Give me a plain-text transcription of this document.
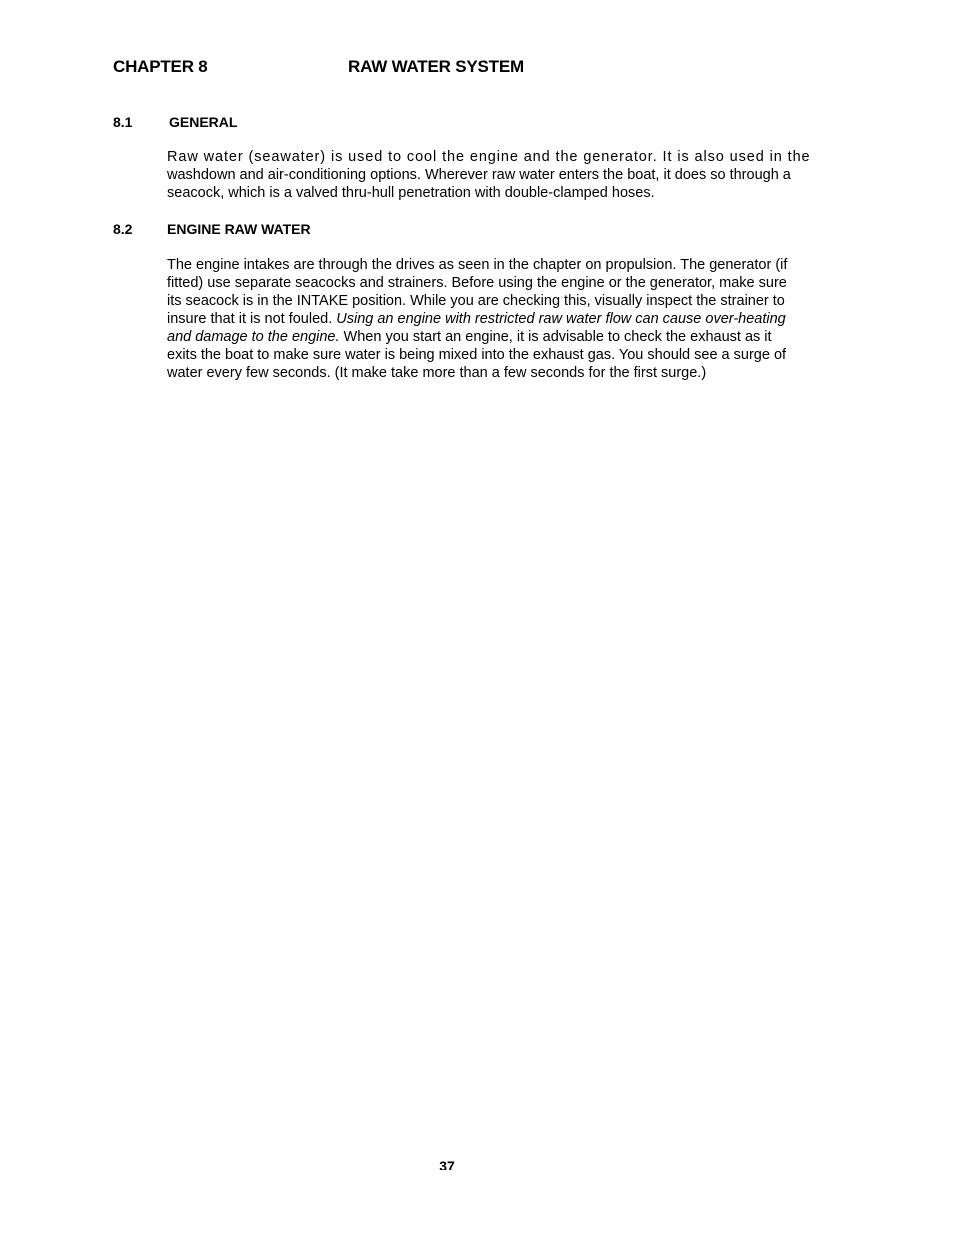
CHAPTER 8	RAW WATER SYSTEM
8.1	GENERAL

Raw water (seawater) is used to cool the engine and the generator. It is also used in the
washdown and air-conditioning options. Wherever raw water enters the boat, it does so through a
seacock, which is a valved thru-hull penetration with double-clamped hoses.

8.2 ENGINE RAW WATER

The engine intakes are through the drives as seen in the chapter on propulsion. The generator (if
fitted) use separate seacocks and strainers. Before using the engine or the generator, make sure
its seacock is in the INTAKE position. While you are checking this, visually inspect the strainer to
insure that it is not fouled. Using an engine with restricted raw water flow can cause over-heating
and damage to the engine. When you start an engine, it is advisable to check the exhaust as it
exits the boat to make sure water is being mixed into the exhaust gas. You should see a surge of
water every few seconds. (It make take more than a few seconds for the first surge.)

37
